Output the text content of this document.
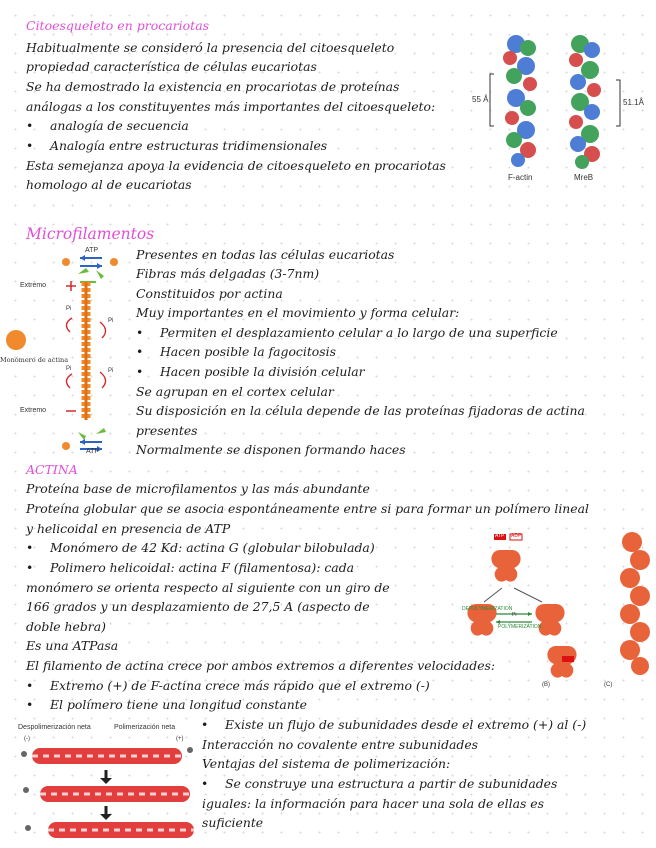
Citoesqueleto en procariotas
Habitualmente se consideró la presencia del citoesqueleto
propiedad característica de células eucariotas
Se ha demostrado la existencia en procariotas de proteínas
análogas a los constituyentes más importantes del citoesqueleto:
• analogía de secuencia
• Analogía entre estructuras tridimensionales
Esta semejanza apoya la evidencia de citoesqueleto en procariotas
homologo al de eucariotas
55 Å	51.1Å
F-actin	MreB
Microfilamentos
ATP
Extremo
Extremo
Monómero de actina
Pi
Pi
Pi	Pi
ATP
Presentes en todas las células eucariotas
Fibras más delgadas (3-7nm)
Constituidos por actina
Muy importantes en el movimiento y forma celular:
• Permiten el desplazamiento celular a lo largo de una superficie
• Hacen posible la fagocitosis
• Hacen posible la división celular
Se agrupan en el cortex celular
Su disposición en la célula depende de las proteínas fijadoras de actina
presentes
Normalmente se disponen formando haces
ACTINA
Proteína base de microfilamentos y las más abundante
Proteína globular que se asocia espontáneamente entre si para formar un polímero lineal
y helicoidal en presencia de ATP
• Monómero de 42 Kd: actina G (globular bilobulada)
• Polimero helicoidal: actina F (filamentosa): cada
monómero se orienta respecto al siguiente con un giro de
166 grados y un desplazamiento de 27,5 A (aspecto de
doble hebra)
Es una ATPasa
El filamento de actina crece por ambos extremos a diferentes velocidades:
• Extremo (+) de F-actina crece más rápido que el extremo (-)
• El polímero tiene una longitud constante
ATP ADP
DEPOLYMERIZATION
POLYMERIZATION
Pi
(B)	(C)
Despolimerización neta	Polimerización neta
(-)	(+)
• Existe un flujo de subunidades desde el extremo (+) al (-)
Interacción no covalente entre subunidades
Ventajas del sistema de polimerización:
• Se construye una estructura a partir de subunidades
iguales: la información para hacer una sola de ellas es
suficiente
